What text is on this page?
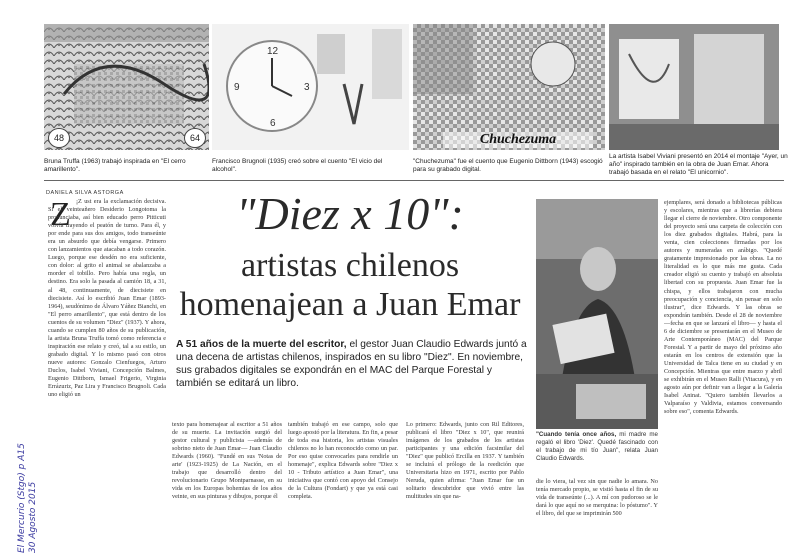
48	64
12
3
6
9
Chuchezuma
Bruna Truffa (1963) trabajó inspirada en "El cerro amarillento".
Francisco Brugnoli (1935) creó sobre el cuento "El vicio del alcohol".
"Chuchezuma" fue el cuento que Eugenio Dittborn (1943) escogió para su grabado digital.
La artista Isabel Viviani presentó en 2014 el montaje "Ayer, un año" inspirado también en la obra de Juan Emar. Ahora trabajó basada en el relato "El unicornio".
DANIELA SILVA ASTORGA	"Diez x 10":
artistas chilenos
homenajean a Juan Emar
A 51 años de la muerte del escritor, el gestor Juan Claudio Edwards juntó a una decena de artistas chilenos, inspirados en su libro "Diez". En noviembre, sus grabados digitales se expondrán en el MAC del Parque Forestal y también se editará un libro.
Z ¡Z ust era la exclamación decisiva. Si el veinteañero Desiderio Longotoma la pronunciaba, así bien educado perro Pitticuti volvía trayendo el peatón de turno. Para él, y por ende para sus dos amigos, todo transeúnte era un absurdo que debía vengarse. Primero con lanzamientos que atacaban a todo corazón. Luego, porque ese desdén no era suficiente, con dolor: al grito el animal se abalanzaba a morder el tobillo. Pero había una regla, un destino. Era solo la pasada al camión 18, a 31, al 48, continuamente, de diecisiete en diecisiete. Así lo escribió Juan Emar (1893-1964), seudónimo de Álvaro Yáñez Bianchi, en "El perro amarillento", que está dentro de los cuentos de su volumen "Diez" (1937). Y ahora, cuando se cumplen 80 años de su publicación, la artista Bruna Truffa tomó como referencia e inspiración ese relato y creó, tal a su estilo, un grabado digital. Y lo mismo pasó con otros nueve autores: Gonzalo Cienfuegos, Arturo Duclos, Isabel Viviani, Concepción Balmes, Eugenio Dittborn, Ismael Frigerio, Virginia Errázuriz, Paz Lira y Francisco Brugnoli. Cada uno eligió un

texto para homenajear al escritor a 51 años de su muerte. La invitación surgió del gestor cultural y publicista —además de sobrino nieto de Juan Emar— Juan Claudio Edwards (1960). "Fundé en sus 'Notas de arte' (1923-1925) de La Nación, en el trabajo que desarrolló dentro del revolucionario Grupo Montparnasse, en su vida en los Europas bohemias de los años veinte, en sus pinturas y dibujos, porque él

también trabajó en ese campo, solo que luego apostó por la literatura. En fin, a pesar de toda esa historia, los artistas visuales chilenos no lo han reconocido como un par. Por eso quise convocarles para rendirle un homenaje", explica Edwards sobre "Diez x 10 - Tributo artístico a Juan Emar", una iniciativa que contó con apoyo del Consejo de la Cultura (Fondart) y que ya está casi completa.

Lo primero: Edwards, junto con Ril Editores, publicará el libro "Diez x 10", que reunirá imágenes de los grabados de los artistas participantes y una edición facsimilar del "Diez" que publicó Ercilla en 1937. Y también se incluirá el prólogo de la reedición que Universitaria hizo en 1971, escrito por Pablo Neruda, quien afirma: "Juan Emar fue un solitario descubridor que vivió entre las multitudes sin que na-

"Cuando tenía once años, mi madre me regaló el libro 'Diez'. Quedé fascinado con el trabajo de mi tío Juan", relata Juan Claudio Edwards.

die lo viera, tal vez sin que nadie lo amara. No tenía mercado propio, se vistió hasta el fin de su vida de transeúnte (...). A mí con pudoroso se le dará lo que aquí no se merquina: lo póstumo". Y el libro, del que se imprimirán 500

ejemplares, será donado a bibliotecas públicas y escolares, mientras que a librerías debiera llegar el cierre de noviembre. Otro componente del proyecto será una carpeta de colección con los diez grabados digitales. Habrá, para la venta, cien colecciones firmadas por los autores y numeradas en arábigo. "Quedé gratamente impresionado por las obras. La no literalidad es lo que más me gusta. Cada creador eligió su cuento y trabajó en absoluta libertad con su propuesta. Juan Emar fue la chispa, y ellos trabajaron con mucha preocupación y conciencia, sin pensar en solo ilustrar", dice Edwards. Y las obras se expondrán también. Desde el 28 de noviembre —fecha en que se lanzará el libro— y hasta el 6 de diciembre se presentarán en el Museo de Arte Contemporáneo (MAC) del Parque Forestal. Y a partir de mayo del próximo año estarán en los centros de extensión que la Universidad de Talca tiene en su ciudad y en Concepción. Mientras que entre marzo y abril se exhibirán en el Museo Ralli (Vitacura), y en agosto aún por definir van a llegar a la Galería Isabel Aninat. "Quiero también llevarlos a Valparaíso y Valdivia, estamos conversando sobre eso", comenta Edwards.

El Mercurio (Stgo) p A15 30 Agosto 2015
